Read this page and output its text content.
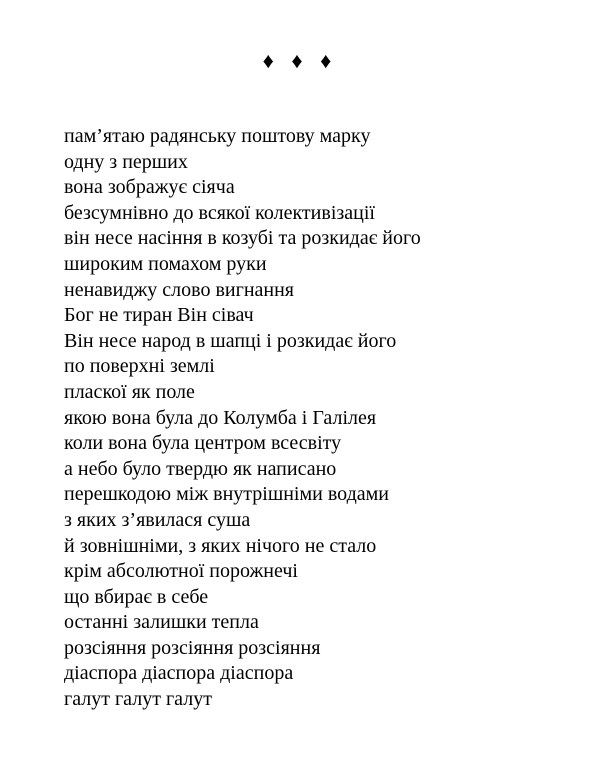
♦ ♦ ♦
пам’ятаю радянську поштову марку
одну з перших
вона зображує сіяча
безсумнівно до всякої колективізації
він несе насіння в козубі та розкидає його
широким помахом руки
ненавиджу слово вигнання
Бог не тиран Він сівач
Він несе народ в шапці і розкидає його
по поверхні землі
пласкої як поле
якою вона була до Колумба і Галілея
коли вона була центром всесвіту
а небо було твердю як написано
перешкодою між внутрішніми водами
з яких з’явилася суша
й зовнішніми, з яких нічого не стало
крім абсолютної порожнечі
що вбирає в себе
останні залишки тепла
розсіяння розсіяння розсіяння
діаспора діаспора діаспора
галут галут галут
